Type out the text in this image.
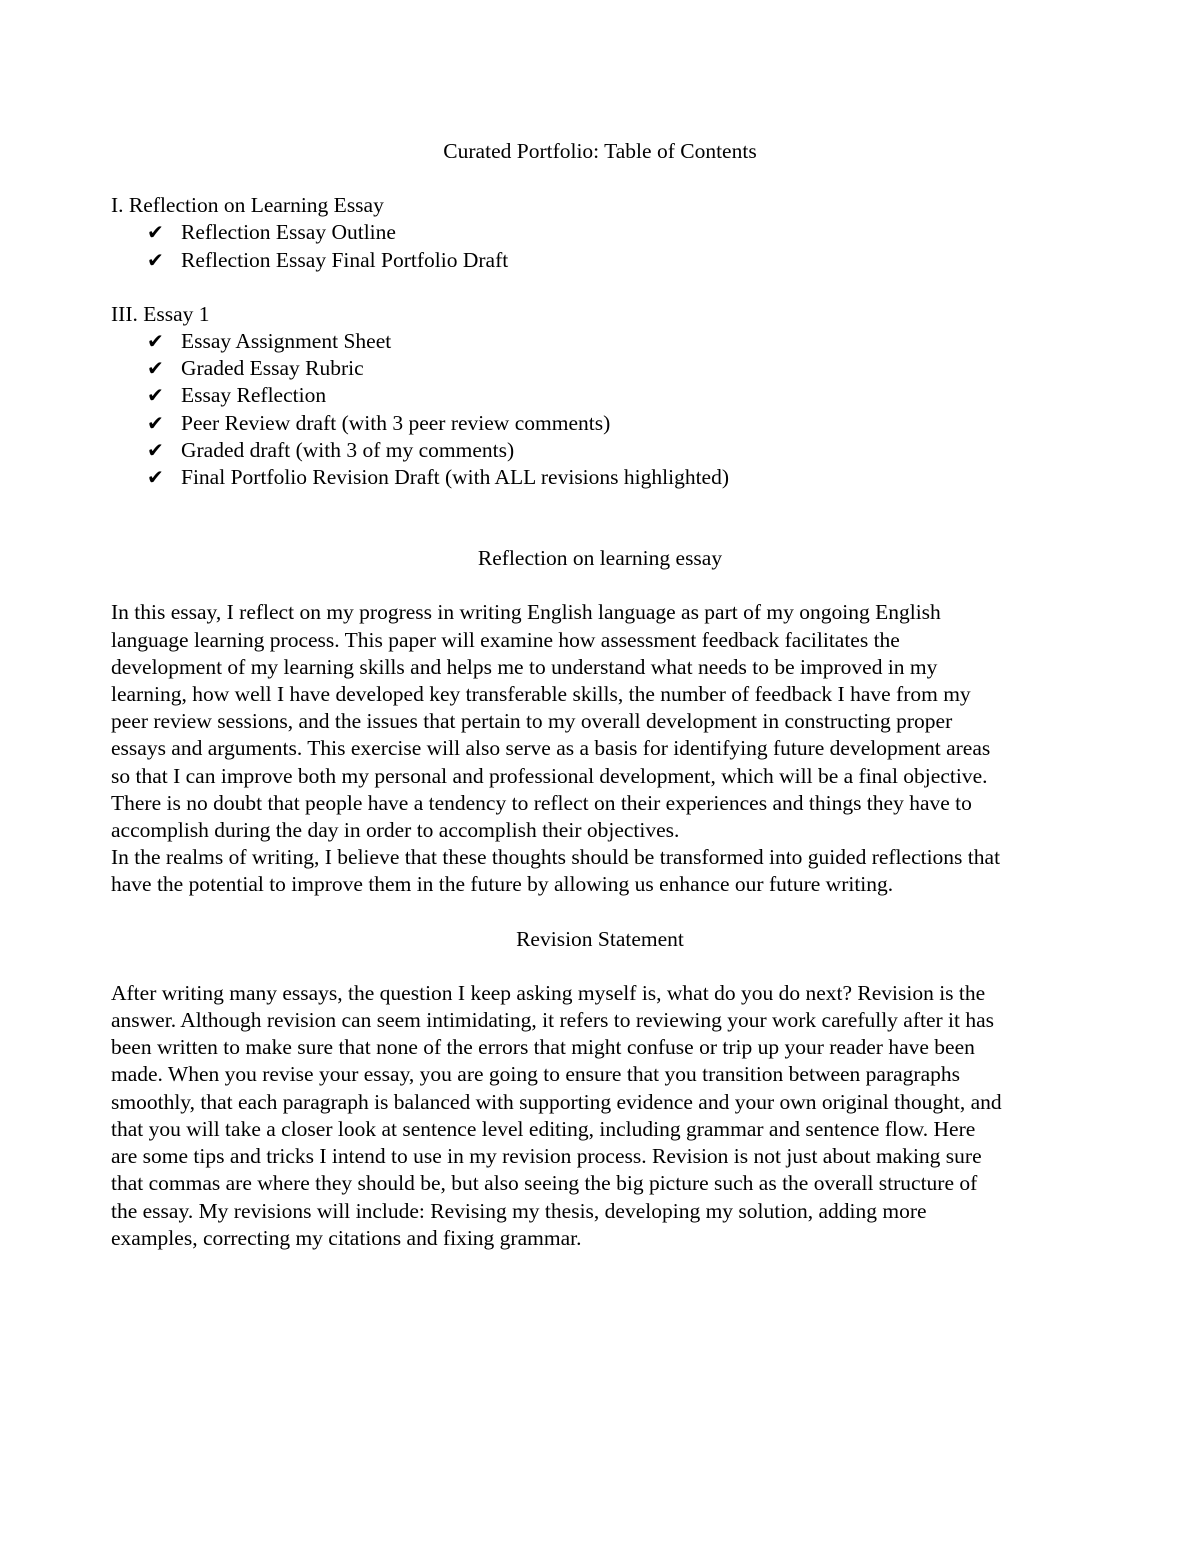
Curated Portfolio: Table of Contents

I. Reflection on Learning Essay

✔ Reflection Essay Outline
✔ Reflection Essay Final Portfolio Draft

III. Essay 1

✔ Essay Assignment Sheet
✔ Graded Essay Rubric
✔ Essay Reflection
✔ Peer Review draft (with 3 peer review comments)
✔ Graded draft (with 3 of my comments)
✔ Final Portfolio Revision Draft (with ALL revisions highlighted)
Reflection on learning essay

In this essay, I reflect on my progress in writing English language as part of my ongoing English
language learning process. This paper will examine how assessment feedback facilitates the
development of my learning skills and helps me to understand what needs to be improved in my
learning, how well I have developed key transferable skills, the number of feedback I have from my
peer review sessions, and the issues that pertain to my overall development in constructing proper
essays and arguments. This exercise will also serve as a basis for identifying future development areas
so that I can improve both my personal and professional development, which will be a final objective.
There is no doubt that people have a tendency to reflect on their experiences and things they have to
accomplish during the day in order to accomplish their objectives.
In the realms of writing, I believe that these thoughts should be transformed into guided reflections that
have the potential to improve them in the future by allowing us enhance our future writing.

Revision Statement

After writing many essays, the question I keep asking myself is, what do you do next? Revision is the
answer. Although revision can seem intimidating, it refers to reviewing your work carefully after it has
been written to make sure that none of the errors that might confuse or trip up your reader have been
made. When you revise your essay, you are going to ensure that you transition between paragraphs
smoothly, that each paragraph is balanced with supporting evidence and your own original thought, and
that you will take a closer look at sentence level editing, including grammar and sentence flow. Here
are some tips and tricks I intend to use in my revision process. Revision is not just about making sure
that commas are where they should be, but also seeing the big picture such as the overall structure of
the essay. My revisions will include: Revising my thesis, developing my solution, adding more
examples, correcting my citations and fixing grammar.
